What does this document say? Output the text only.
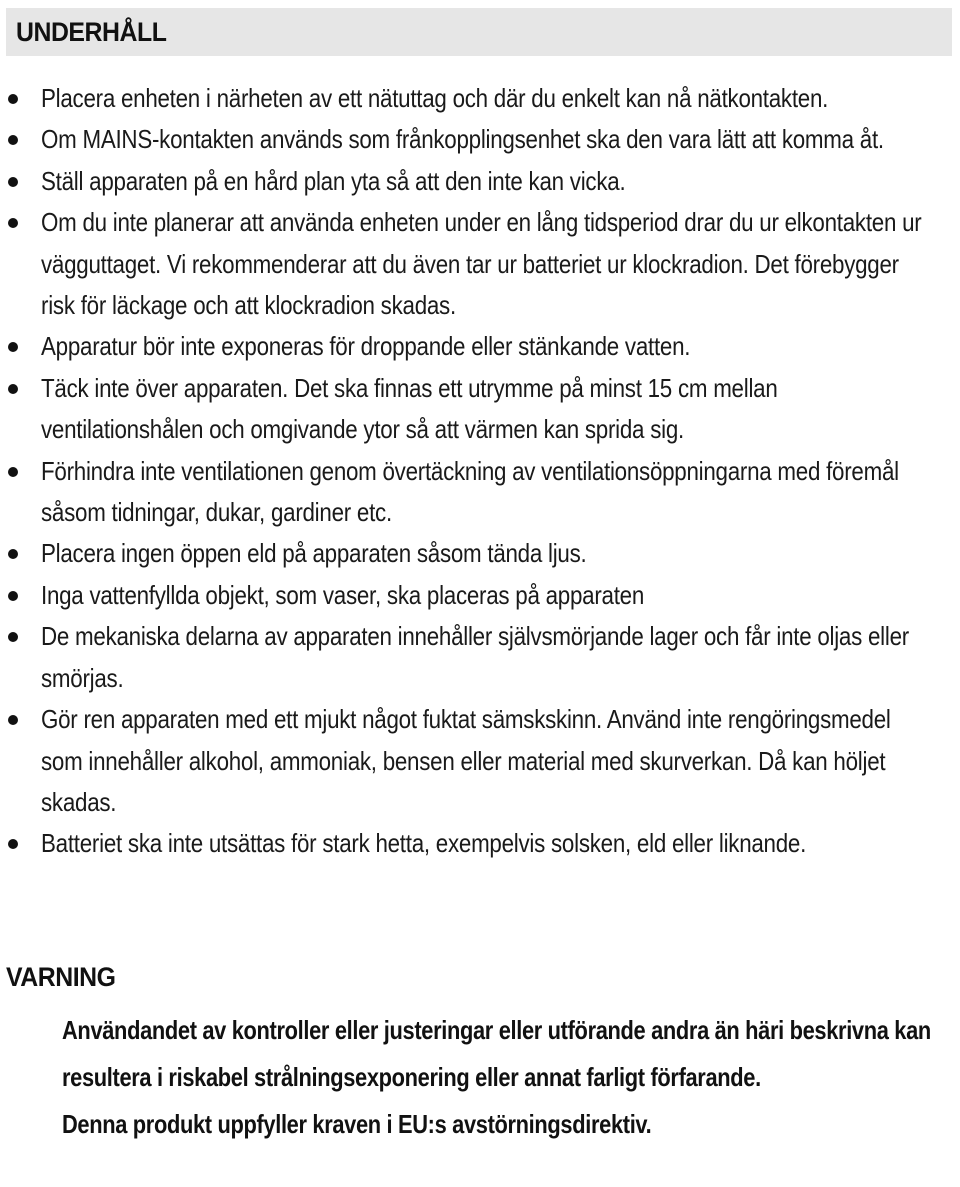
UNDERHÅLL
Placera enheten i närheten av ett nätuttag och där du enkelt kan nå nätkontakten.
Om MAINS-kontakten används som frånkopplingsenhet ska den vara lätt att komma åt.
Ställ apparaten på en hård plan yta så att den inte kan vicka.
Om du inte planerar att använda enheten under en lång tidsperiod drar du ur elkontakten ur vägguttaget. Vi rekommenderar att du även tar ur batteriet ur klockradion. Det förebygger risk för läckage och att klockradion skadas.
Apparatur bör inte exponeras för droppande eller stänkande vatten.
Täck inte över apparaten. Det ska finnas ett utrymme på minst 15 cm mellan ventilationshålen och omgivande ytor så att värmen kan sprida sig.
Förhindra inte ventilationen genom övertäckning av ventilationsöppningarna med föremål såsom tidningar, dukar, gardiner etc.
Placera ingen öppen eld på apparaten såsom tända ljus.
Inga vattenfyllda objekt, som vaser, ska placeras på apparaten
De mekaniska delarna av apparaten innehåller självsmörjande lager och får inte oljas eller smörjas.
Gör ren apparaten med ett mjukt något fuktat sämskskinn. Använd inte rengöringsmedel som innehåller alkohol, ammoniak, bensen eller material med skurverkan. Då kan höljet skadas.
Batteriet ska inte utsättas för stark hetta, exempelvis solsken, eld eller liknande.
VARNING
Användandet av kontroller eller justeringar eller utförande andra än häri beskrivna kan resultera i riskabel strålningsexponering eller annat farligt förfarande.
Denna produkt uppfyller kraven i EU:s avstörningsdirektiv.
